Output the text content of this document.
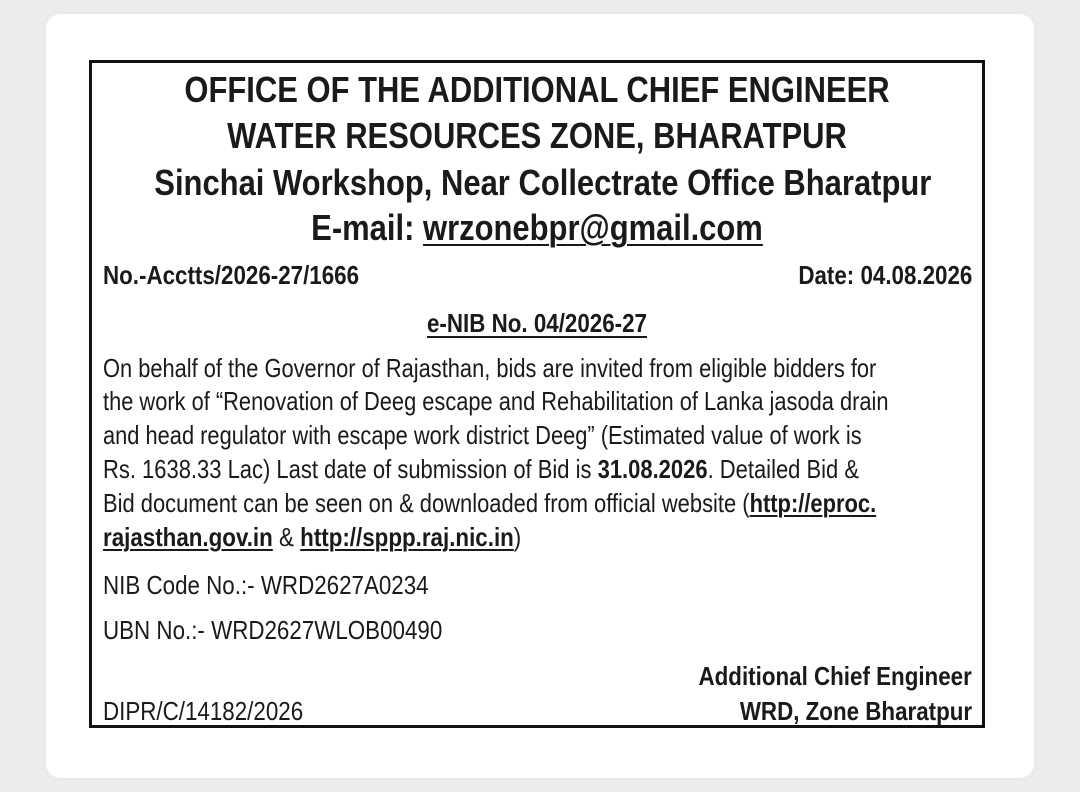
OFFICE OF THE ADDITIONAL CHIEF ENGINEER
WATER RESOURCES ZONE, BHARATPUR
Sinchai Workshop, Near Collectrate Office Bharatpur
E-mail: wrzonebpr@gmail.com
No.-Acctts/2026-27/1666	Date: 04.08.2026
e-NIB No. 04/2026-27
On behalf of the Governor of Rajasthan, bids are invited from eligible bidders for
the work of “Renovation of Deeg escape and Rehabilitation of Lanka jasoda drain
and head regulator with escape work district Deeg” (Estimated value of work is
Rs. 1638.33 Lac) Last date of submission of Bid is 31.08.2026. Detailed Bid &
Bid document can be seen on & downloaded from official website (http://eproc.
rajasthan.gov.in & http://sppp.raj.nic.in)
NIB Code No.:- WRD2627A0234
UBN No.:- WRD2627WLOB00490
Additional Chief Engineer
DIPR/C/14182/2026	WRD, Zone Bharatpur
